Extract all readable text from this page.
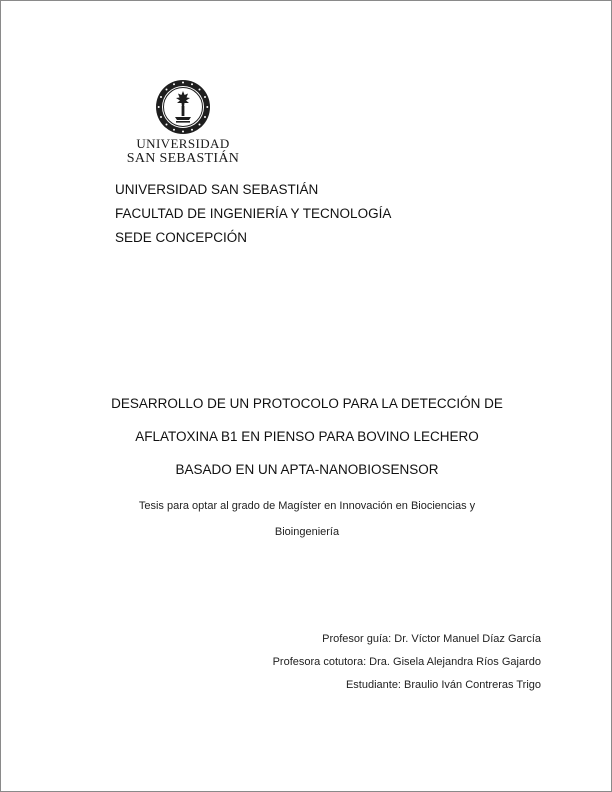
UNIVERSIDAD
SAN SEBASTIÁN
UNIVERSIDAD SAN SEBASTIÁN
FACULTAD DE INGENIERÍA Y TECNOLOGÍA
SEDE CONCEPCIÓN
DESARROLLO DE UN PROTOCOLO PARA LA DETECCIÓN DE
AFLATOXINA B1 EN PIENSO PARA BOVINO LECHERO
BASADO EN UN APTA-NANOBIOSENSOR
Tesis para optar al grado de Magíster en Innovación en Biociencias y
Bioingeniería
Profesor guía: Dr. Víctor Manuel Díaz García
Profesora cotutora: Dra. Gisela Alejandra Ríos Gajardo
Estudiante: Braulio Iván Contreras Trigo
